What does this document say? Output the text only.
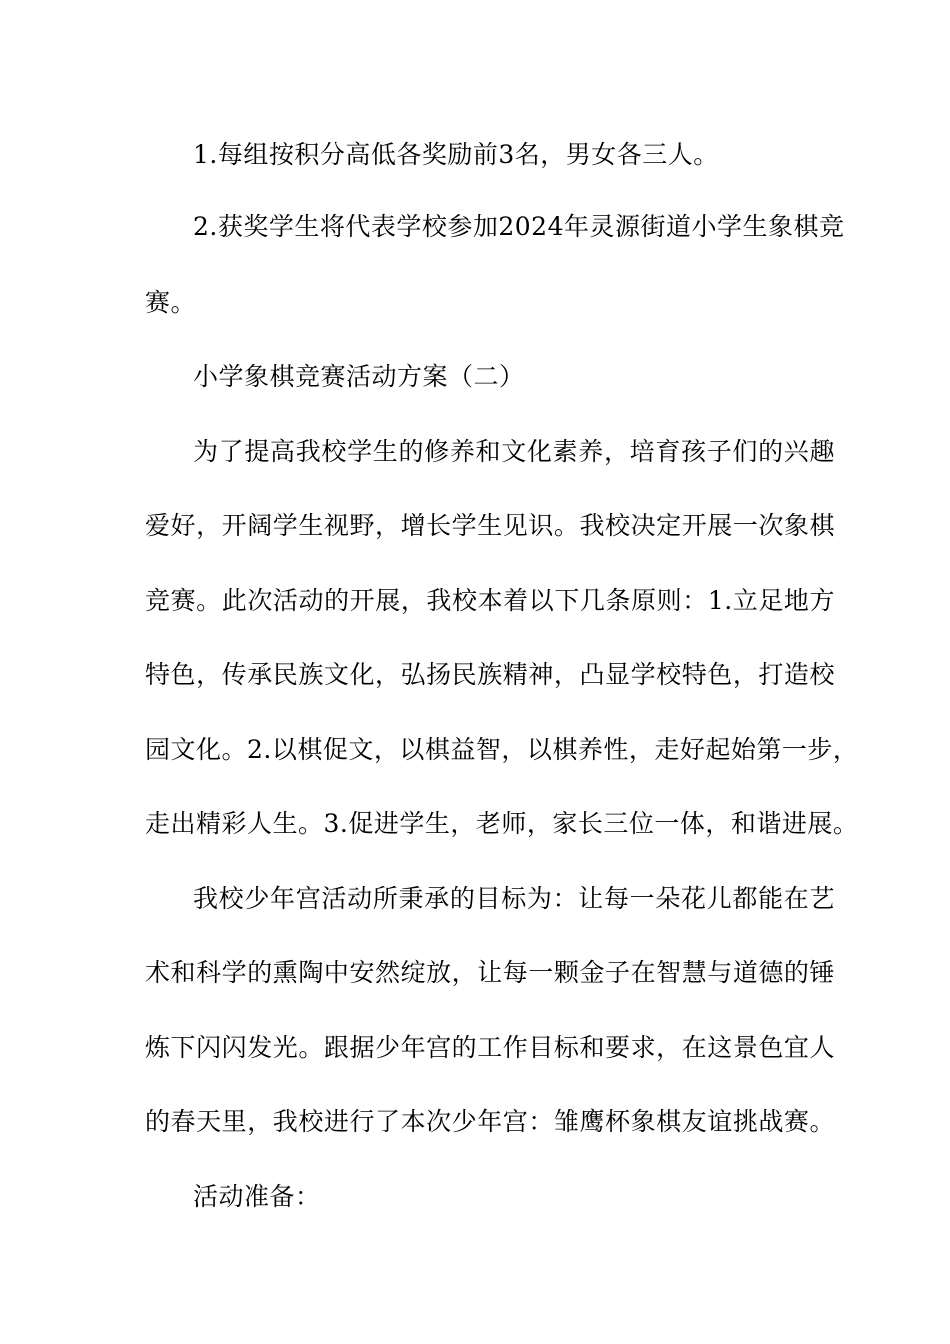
1.每组按积分高低各奖励前3名，男女各三人。
2.获奖学生将代表学校参加2024年灵源街道小学生象棋竞
赛。
小学象棋竞赛活动方案（二）
为了提高我校学生的修养和文化素养，培育孩子们的兴趣
爱好，开阔学生视野，增长学生见识。我校决定开展一次象棋
竞赛。此次活动的开展，我校本着以下几条原则：1.立足地方
特色，传承民族文化，弘扬民族精神，凸显学校特色，打造校
园文化。2.以棋促文，以棋益智，以棋养性，走好起始第一步，
走出精彩人生。3.促进学生，老师，家长三位一体，和谐进展。
我校少年宫活动所秉承的目标为：让每一朵花儿都能在艺
术和科学的熏陶中安然绽放，让每一颗金子在智慧与道德的锤
炼下闪闪发光。跟据少年宫的工作目标和要求，在这景色宜人
的春天里，我校进行了本次少年宫：雏鹰杯象棋友谊挑战赛。
活动准备：
